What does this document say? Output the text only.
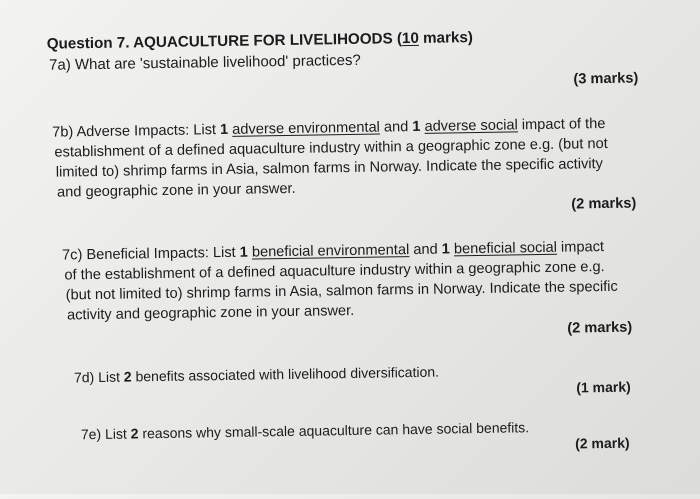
Question 7. AQUACULTURE FOR LIVELIHOODS (10 marks)
7a) What are 'sustainable livelihood' practices?
(3 marks)
7b) Adverse Impacts: List 1 adverse environmental and 1 adverse social impact of the
establishment of a defined aquaculture industry within a geographic zone e.g. (but not
limited to) shrimp farms in Asia, salmon farms in Norway. Indicate the specific activity
and geographic zone in your answer.
(2 marks)
7c) Beneficial Impacts: List 1 beneficial environmental and 1 beneficial social impact
of the establishment of a defined aquaculture industry within a geographic zone e.g.
(but not limited to) shrimp farms in Asia, salmon farms in Norway. Indicate the specific
activity and geographic zone in your answer.
(2 marks)
7d) List 2 benefits associated with livelihood diversification.
(1 mark)
7e) List 2 reasons why small-scale aquaculture can have social benefits.
(2 mark)
